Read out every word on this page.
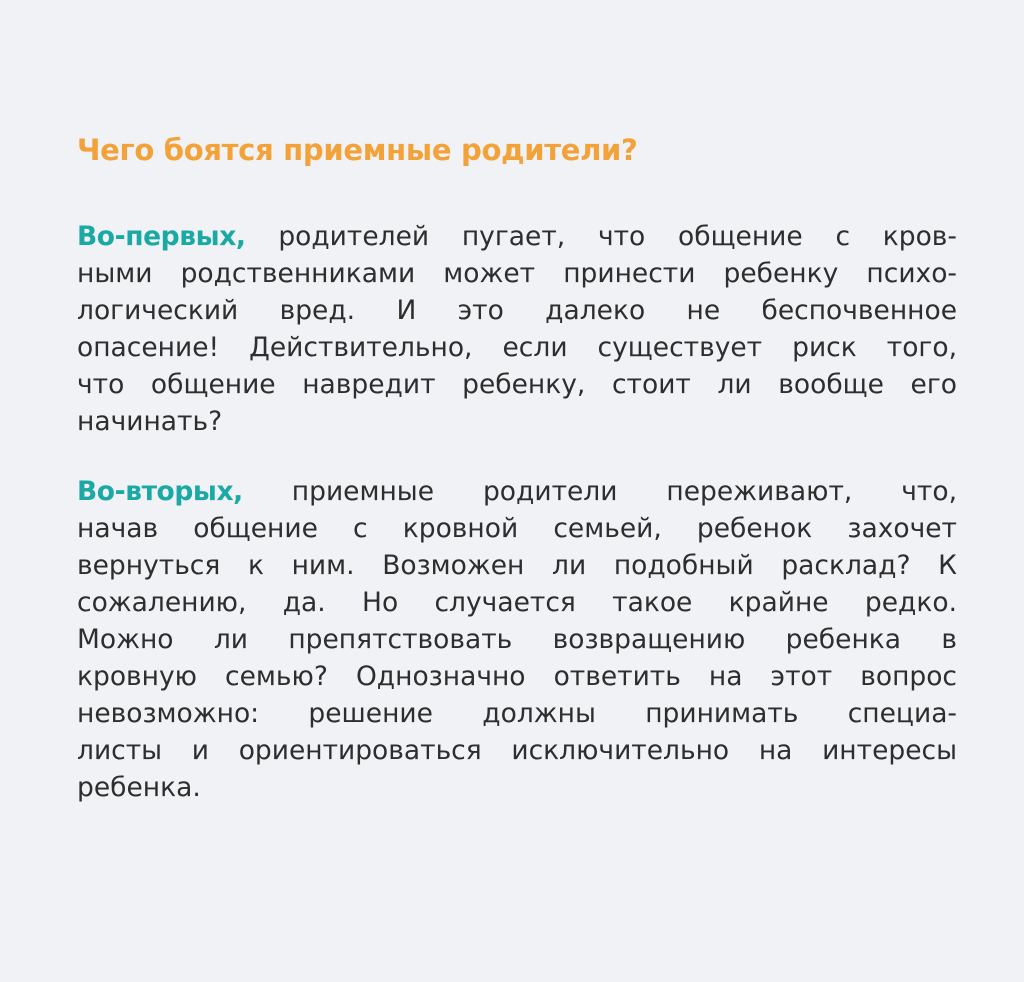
Чего боятся приемные родители?
Во-первых, родителей пугает, что общение с кров-
ными родственниками может принести ребенку психо-
логический вред. И это далеко не беспочвенное
опасение! Действительно, если существует риск того,
что общение навредит ребенку, стоит ли вообще его
начинать?
Во-вторых, приемные родители переживают, что,
начав общение с кровной семьей, ребенок захочет
вернуться к ним. Возможен ли подобный расклад? К
сожалению, да. Но случается такое крайне редко.
Можно ли препятствовать возвращению ребенка в
кровную семью? Однозначно ответить на этот вопрос
невозможно: решение должны принимать специа-
листы и ориентироваться исключительно на интересы
ребенка.
